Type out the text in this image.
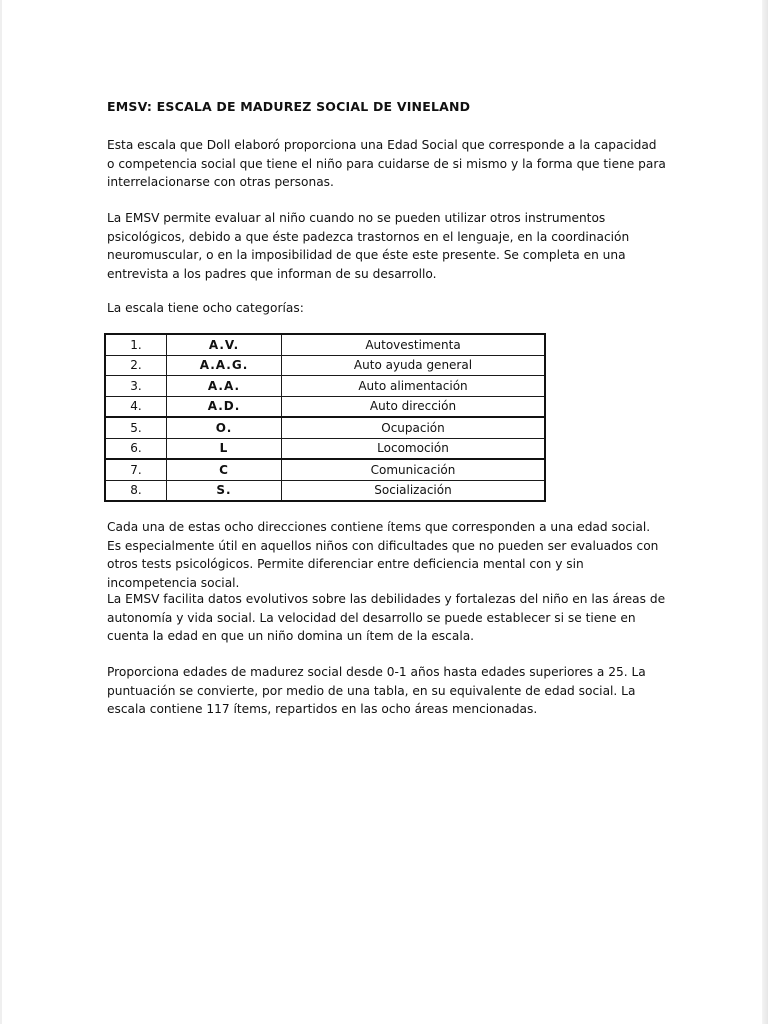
EMSV: ESCALA DE MADUREZ SOCIAL DE VINELAND
Esta escala que Doll elaboró proporciona una Edad Social que corresponde a la capacidad o competencia social que tiene el niño para cuidarse de si mismo y la forma que tiene para interrelacionarse con otras personas.
La EMSV permite evaluar al niño cuando no se pueden utilizar otros instrumentos psicológicos, debido a que éste padezca trastornos en el lenguaje, en la coordinación neuromuscular, o en la imposibilidad de que éste este presente. Se completa en una entrevista a los padres que informan de su desarrollo.
La escala tiene ocho categorías:
Cada una de estas ocho direcciones contiene ítems que corresponden a una edad social. Es especialmente útil en aquellos niños con dificultades que no pueden ser evaluados con otros tests psicológicos. Permite diferenciar entre deficiencia mental con y sin incompetencia social.
La EMSV facilita datos evolutivos sobre las debilidades y fortalezas del niño en las áreas de autonomía y vida social. La velocidad del desarrollo se puede establecer si se tiene en cuenta la edad en que un niño domina un ítem de la escala.
Proporciona edades de madurez social desde 0-1 años hasta edades superiores a 25. La puntuación se convierte, por medio de una tabla, en su equivalente de edad social. La escala contiene 117 ítems, repartidos en las ocho áreas mencionadas.
1.	A.V.	Autovestimenta
2.	A.A.G.	Auto ayuda general
3.	A.A.	Auto alimentación
4.	A.D.	Auto dirección
5.	O.	Ocupación
6.	L	Locomoción
7.	C	Comunicación
8.	S.	Socialización
